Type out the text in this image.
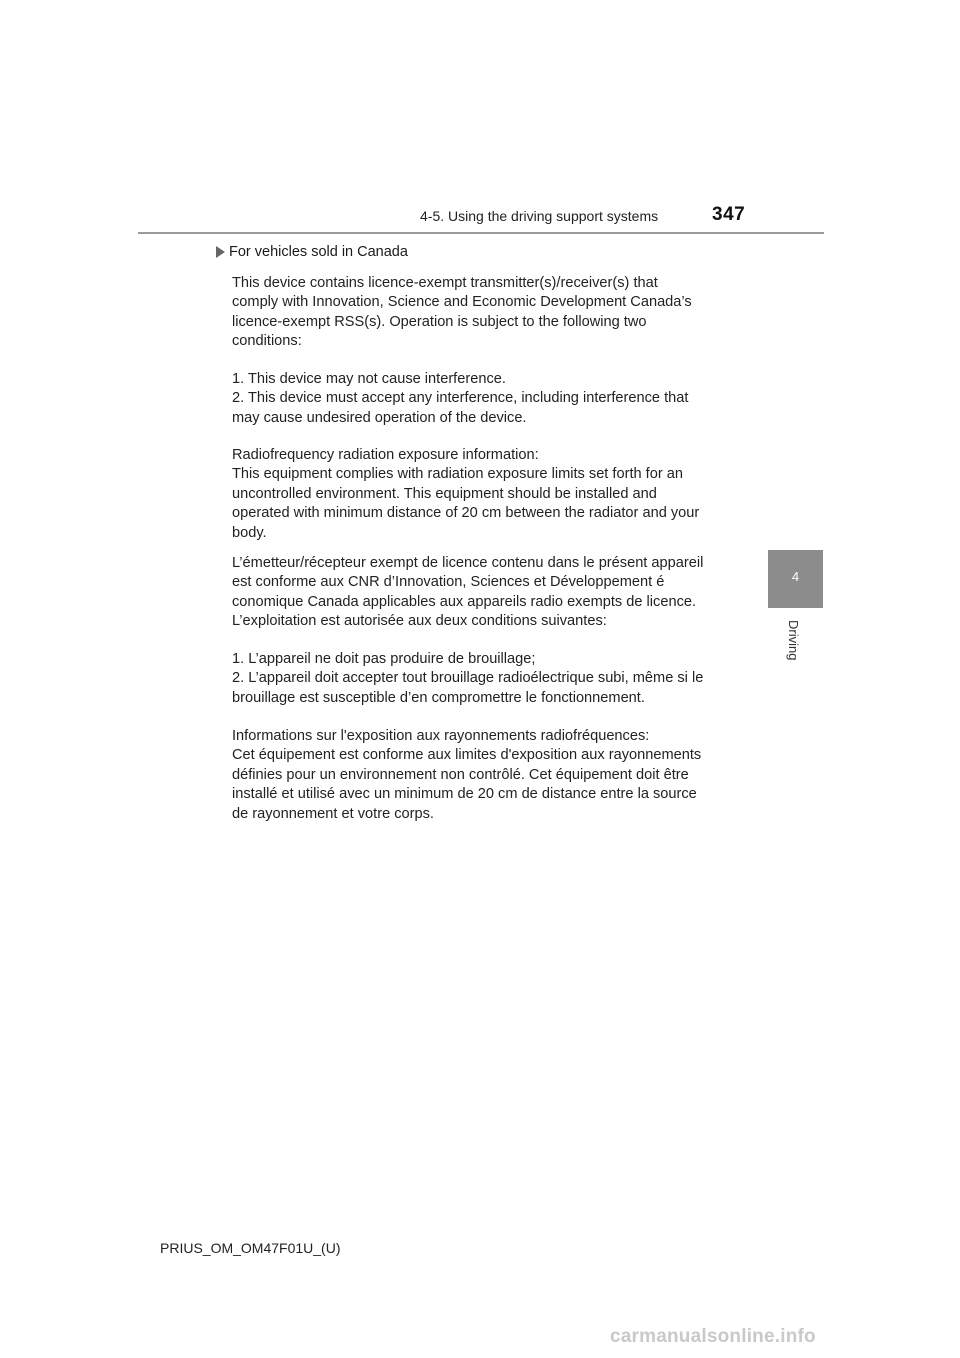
4-5. Using the driving support systems	347
For vehicles sold in Canada
This device contains licence-exempt transmitter(s)/receiver(s) that
comply with Innovation, Science and Economic Development Canada’s
licence-exempt RSS(s). Operation is subject to the following two
conditions:
1. This device may not cause interference.
2. This device must accept any interference, including interference that
may cause undesired operation of the device.
Radiofrequency radiation exposure information:
This equipment complies with radiation exposure limits set forth for an
uncontrolled environment. This equipment should be installed and
operated with minimum distance of 20 cm between the radiator and your
body.
L’émetteur/récepteur exempt de licence contenu dans le présent appareil
est conforme aux CNR d’Innovation, Sciences et Développement é
conomique Canada applicables aux appareils radio exempts de licence.
L’exploitation est autorisée aux deux conditions suivantes:
1. L’appareil ne doit pas produire de brouillage;
2. L’appareil doit accepter tout brouillage radioélectrique subi, même si le
brouillage est susceptible d’en compromettre le fonctionnement.
Informations sur l'exposition aux rayonnements radiofréquences:
Cet équipement est conforme aux limites d'exposition aux rayonnements
définies pour un environnement non contrôlé. Cet équipement doit être
installé et utilisé avec un minimum de 20 cm de distance entre la source
de rayonnement et votre corps.
4
Driving
PRIUS_OM_OM47F01U_(U)
carmanualsonline.info
